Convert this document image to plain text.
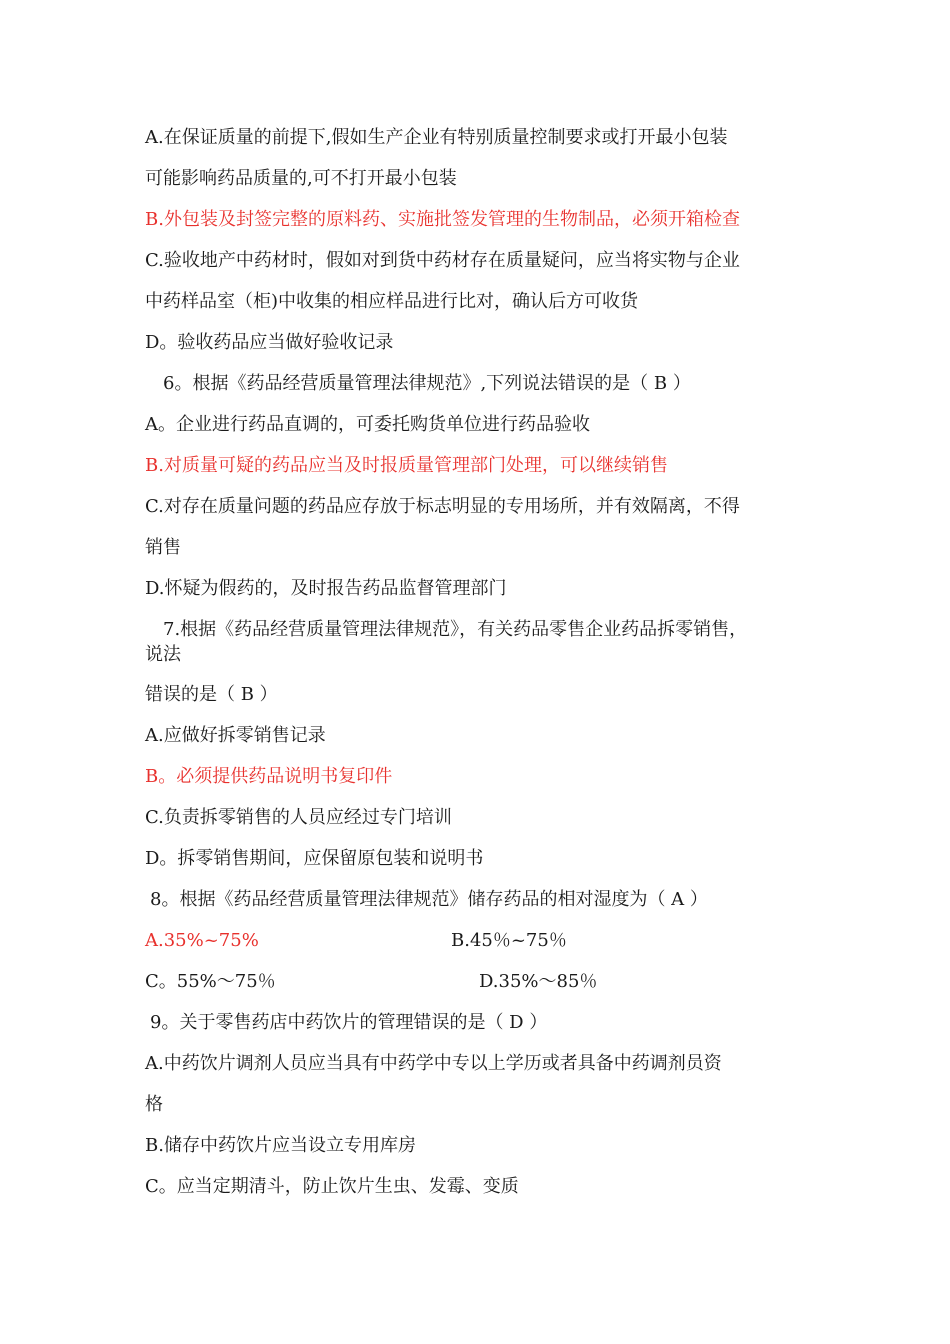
A.在保证质量的前提下,假如生产企业有特别质量控制要求或打开最小包装
可能影响药品质量的,可不打开最小包装
B.外包装及封签完整的原料药、实施批签发管理的生物制品，必须开箱检查
C.验收地产中药材时，假如对到货中药材存在质量疑问，应当将实物与企业
中药样品室（柜)中收集的相应样品进行比对，确认后方可收货
D。验收药品应当做好验收记录
6。根据《药品经营质量管理法律规范》,下列说法错误的是（ B ）
A。企业进行药品直调的，可委托购货单位进行药品验收
B.对质量可疑的药品应当及时报质量管理部门处理，可以继续销售
C.对存在质量问题的药品应存放于标志明显的专用场所，并有效隔离，不得
销售
D.怀疑为假药的，及时报告药品监督管理部门
7.根据《药品经营质量管理法律规范》，有关药品零售企业药品拆零销售，
说法
错误的是（ B ）
A.应做好拆零销售记录
B。必须提供药品说明书复印件
C.负责拆零销售的人员应经过专门培训
D。拆零销售期间，应保留原包装和说明书
8。根据《药品经营质量管理法律规范》储存药品的相对湿度为（ A ）
A.35%~75%	B.45％~75％
C。55%～75％	D.35%～85％
9。关于零售药店中药饮片的管理错误的是（ D ）
A.中药饮片调剂人员应当具有中药学中专以上学历或者具备中药调剂员资
格
B.储存中药饮片应当设立专用库房
C。应当定期清斗，防止饮片生虫、发霉、变质
